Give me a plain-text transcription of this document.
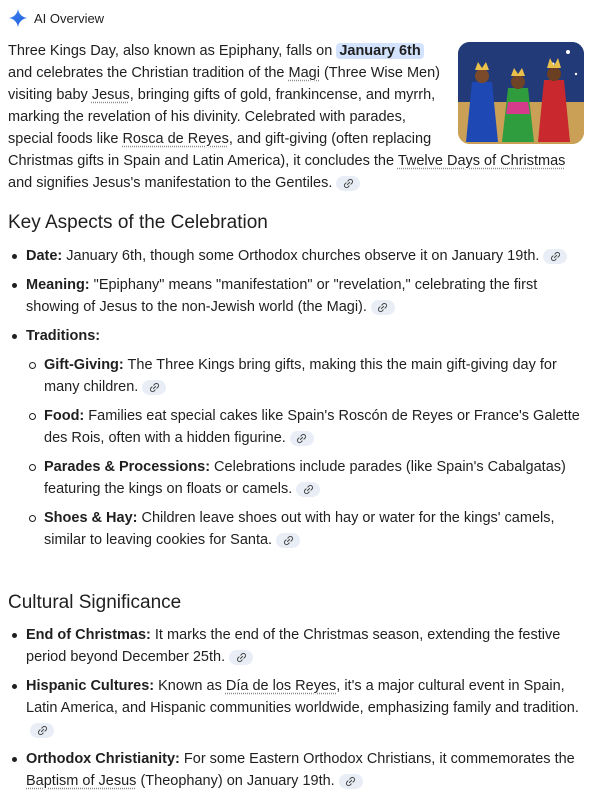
AI Overview
Three Kings Day, also known as Epiphany, falls on January 6th and celebrates the Christian tradition of the Magi (Three Wise Men) visiting baby Jesus, bringing gifts of gold, frankincense, and myrrh, marking the revelation of his divinity. Celebrated with parades, special foods like Rosca de Reyes, and gift-giving (often replacing Christmas gifts in Spain and Latin America), it concludes the Twelve Days of Christmas and signifies Jesus's manifestation to the Gentiles.
Key Aspects of the Celebration
Date: January 6th, though some Orthodox churches observe it on January 19th.
Meaning: "Epiphany" means "manifestation" or "revelation," celebrating the first showing of Jesus to the non-Jewish world (the Magi).
Traditions:
Gift-Giving: The Three Kings bring gifts, making this the main gift-giving day for many children.
Food: Families eat special cakes like Spain's Roscón de Reyes or France's Galette des Rois, often with a hidden figurine.
Parades & Processions: Celebrations include parades (like Spain's Cabalgatas) featuring the kings on floats or camels.
Shoes & Hay: Children leave shoes out with hay or water for the kings' camels, similar to leaving cookies for Santa.
Cultural Significance
End of Christmas: It marks the end of the Christmas season, extending the festive period beyond December 25th.
Hispanic Cultures: Known as Día de los Reyes, it's a major cultural event in Spain, Latin America, and Hispanic communities worldwide, emphasizing family and tradition.
Orthodox Christianity: For some Eastern Orthodox Christians, it commemorates the Baptism of Jesus (Theophany) on January 19th.
